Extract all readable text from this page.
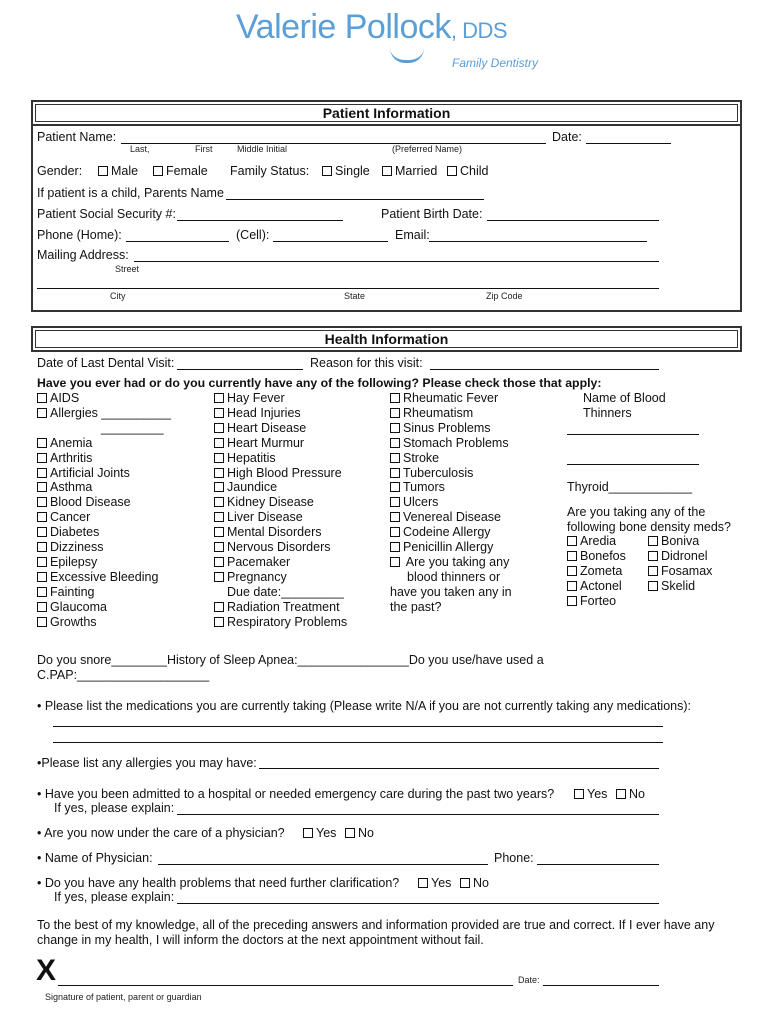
Valerie Pollock, DDS
Family Dentistry
Patient Information
Patient Name:	Date:
Last,	First	Middle Initial	(Preferred Name)
Gender:	Male	Female Family Status:	Single	Married	Child
If patient is a child, Parents Name
Patient Social Security #:	Patient Birth Date:
Phone (Home):	(Cell):	Email:
Mailing Address:
Street
City	State	Zip Code
Health Information
Date of Last Dental Visit:	Reason for this visit:
Have you ever had or do you currently have any of the following? Please check those that apply:
AIDS
Allergies __________
_________
Anemia
Arthritis
Artificial Joints
Asthma
Blood Disease
Cancer
Diabetes
Dizziness
Epilepsy
Excessive Bleeding
Fainting
Glaucoma
Growths
Hay Fever
Head Injuries
Heart Disease
Heart Murmur
Hepatitis
High Blood Pressure
Jaundice
Kidney Disease
Liver Disease
Mental Disorders
Nervous Disorders
Pacemaker
Pregnancy
Due date:_________
Radiation Treatment
Respiratory Problems
Rheumatic Fever
Rheumatism
Sinus Problems
Stomach Problems
Stroke
Tuberculosis
Tumors
Ulcers
Venereal Disease
Codeine Allergy
Penicillin Allergy
Are you taking any
blood thinners or
have you taken any in
the past?
Name of Blood
Thinners
Thyroid____________
Are you taking any of the
following bone density meds?
Aredia	Boniva
Bonefos	Didronel
Zometa	Fosamax
Actonel	Skelid
Forteo
Do you snore________History of Sleep Apnea:________________Do you use/have used a
C.PAP:___________________
• Please list the medications you are currently taking (Please write N/A if you are not currently taking any medications):
•Please list any allergies you may have:
• Have you been admitted to a hospital or needed emergency care during the past two years?	Yes	No
If yes, please explain:
• Are you now under the care of a physician?	Yes	No
• Name of Physician:	Phone:
• Do you have any health problems that need further clarification?	Yes	No
If yes, please explain:
To the best of my knowledge, all of the preceding answers and information provided are true and correct. If I ever have any
change in my health, I will inform the doctors at the next appointment without fail.
X	Date:
Signature of patient, parent or guardian
